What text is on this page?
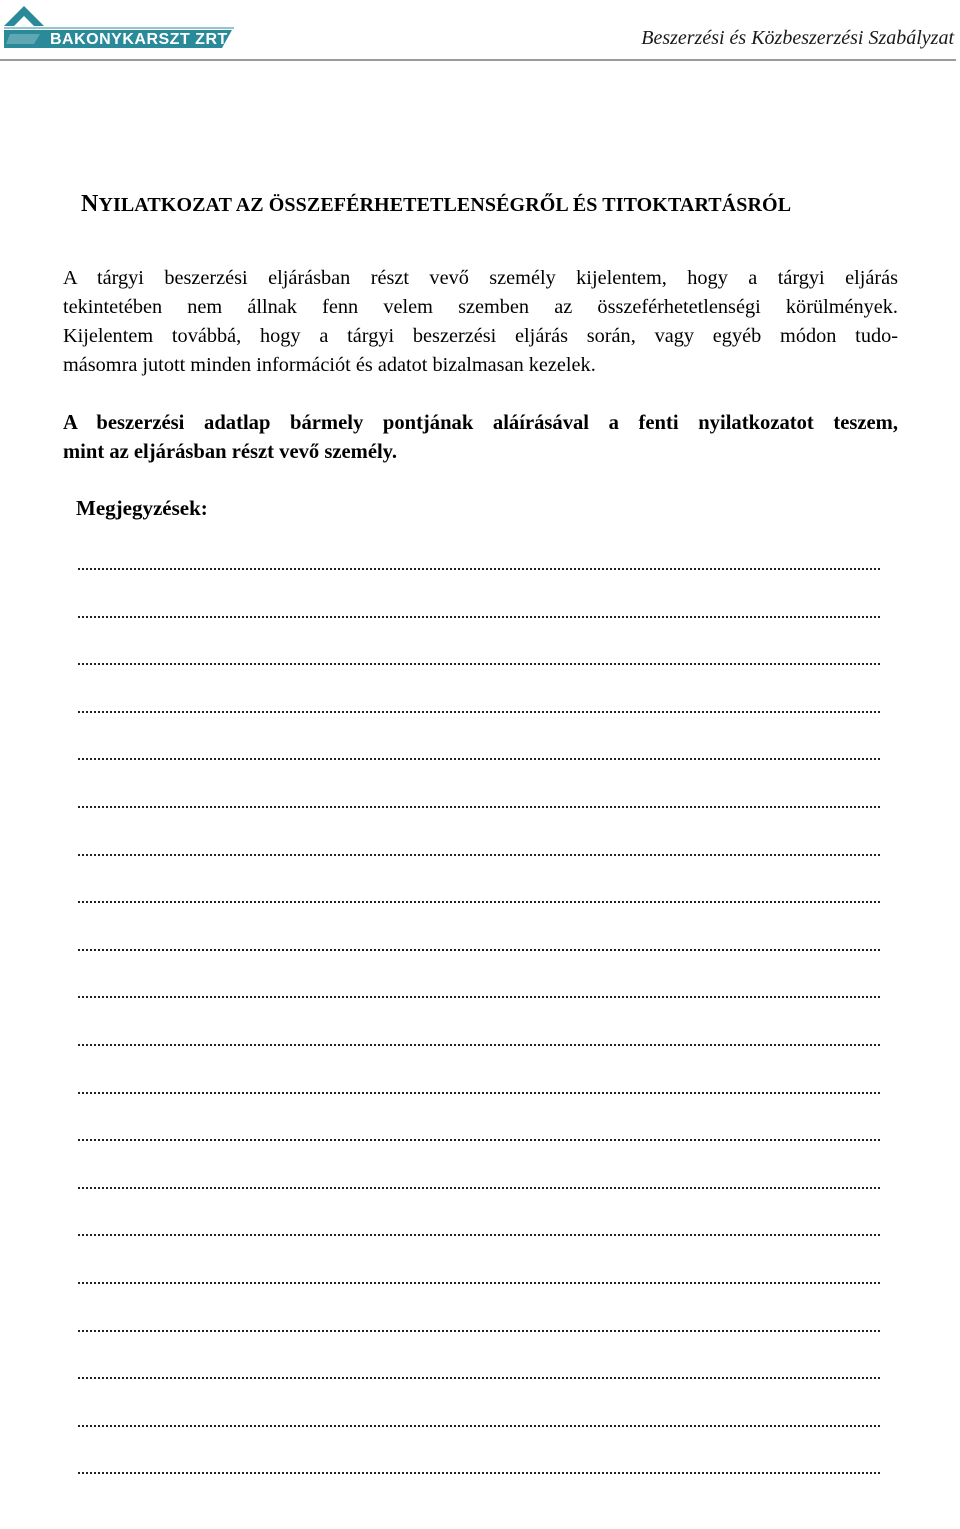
BAKONYKARSZT ZRT.	Beszerzési és Közbeszerzési Szabályzat
NYILATKOZAT AZ ÖSSZEFÉRHETETLENSÉGRŐL ÉS TITOKTARTÁSRÓL
A tárgyi beszerzési eljárásban részt vevő személy kijelentem, hogy a tárgyi eljárás
tekintetében nem állnak fenn velem szemben az összeférhetetlenségi körülmények.
Kijelentem továbbá, hogy a tárgyi beszerzési eljárás során, vagy egyéb módon tudo-
másomra jutott minden információt és adatot bizalmasan kezelek.
A beszerzési adatlap bármely pontjának aláírásával a fenti nyilatkozatot teszem,
mint az eljárásban részt vevő személy.
Megjegyzések:
